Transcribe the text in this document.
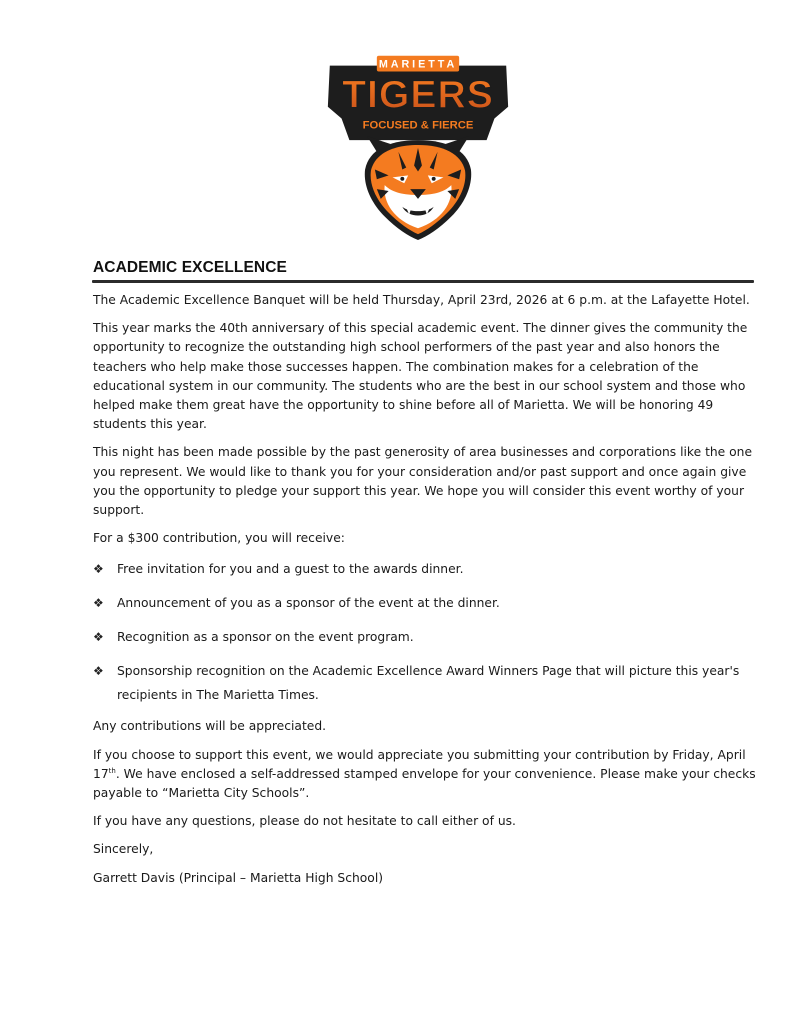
MARIETTA
TIGERS
FOCUSED & FIERCE
ACADEMIC EXCELLENCE

The Academic Excellence Banquet will be held Thursday, April 23rd, 2026 at 6 p.m. at the Lafayette Hotel.

This year marks the 40th anniversary of this special academic event. The dinner gives the community the opportunity to recognize the outstanding high school performers of the past year and also honors the teachers who help make those successes happen. The combination makes for a celebration of the educational system in our community. The students who are the best in our school system and those who helped make them great have the opportunity to shine before all of Marietta. We will be honoring 49 students this year.

This night has been made possible by the past generosity of area businesses and corporations like the one you represent. We would like to thank you for your consideration and/or past support and once again give you the opportunity to pledge your support this year. We hope you will consider this event worthy of your support.

For a $300 contribution, you will receive:

❖ Free invitation for you and a guest to the awards dinner.
❖ Announcement of you as a sponsor of the event at the dinner.
❖ Recognition as a sponsor on the event program.
❖ Sponsorship recognition on the Academic Excellence Award Winners Page that will picture this year's recipients in The Marietta Times.

Any contributions will be appreciated.

If you choose to support this event, we would appreciate you submitting your contribution by Friday, April 17th. We have enclosed a self-addressed stamped envelope for your convenience. Please make your checks payable to “Marietta City Schools”.

If you have any questions, please do not hesitate to call either of us.

Sincerely,

Garrett Davis (Principal – Marietta High School)
